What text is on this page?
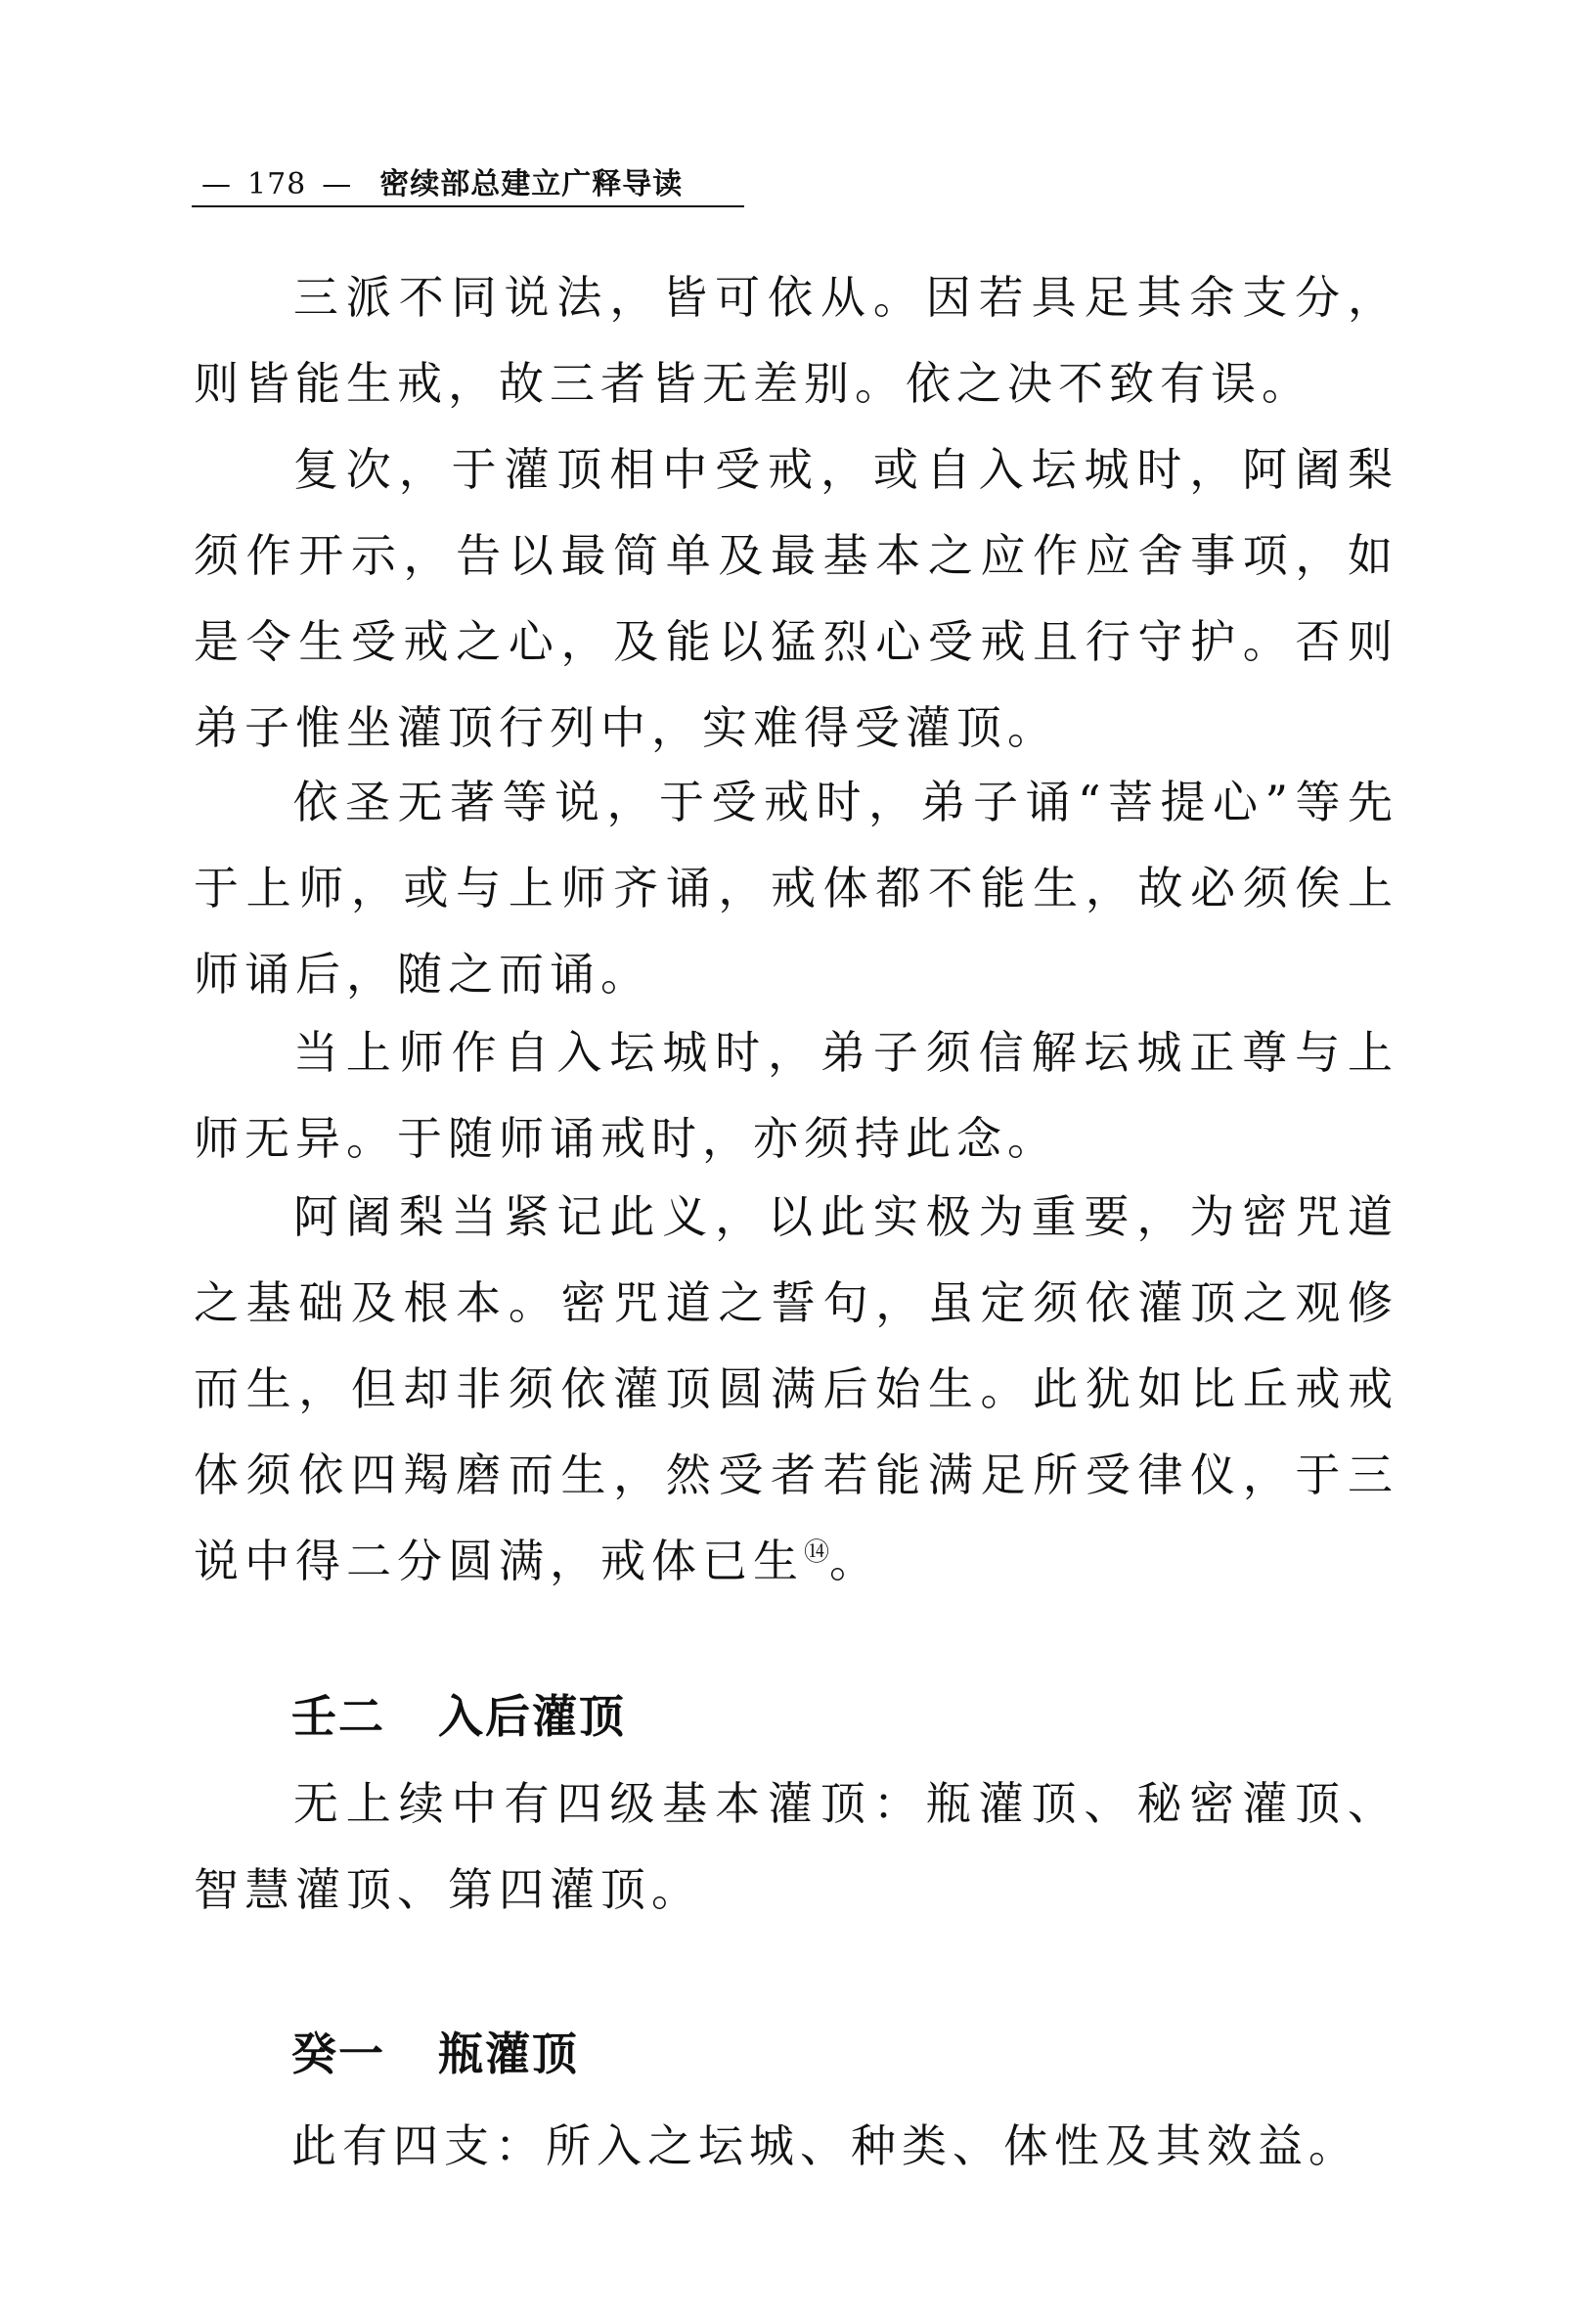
— 178 — 密续部总建立广释导读
三派不同说法，皆可依从。因若具足其余支分，则皆能生戒，故三者皆无差别。依之决不致有误。
复次，于灌顶相中受戒，或自入坛城时，阿阇梨须作开示，告以最简单及最基本之应作应舍事项，如是令生受戒之心，及能以猛烈心受戒且行守护。否则弟子惟坐灌顶行列中，实难得受灌顶。
依圣无著等说，于受戒时，弟子诵“菩提心”等先于上师，或与上师齐诵，戒体都不能生，故必须俟上师诵后，随之而诵。
当上师作自入坛城时，弟子须信解坛城正尊与上师无异。于随师诵戒时，亦须持此念。
阿阇梨当紧记此义，以此实极为重要，为密咒道之基础及根本。密咒道之誓句，虽定须依灌顶之观修而生，但却非须依灌顶圆满后始生。此犹如比丘戒戒体须依四羯磨而生，然受者若能满足所受律仪，于三说中得二分圆满，戒体已生⑭。
壬二 入后灌顶
无上续中有四级基本灌顶：瓶灌顶、秘密灌顶、智慧灌顶、第四灌顶。
癸一 瓶灌顶
此有四支：所入之坛城、种类、体性及其效益。
